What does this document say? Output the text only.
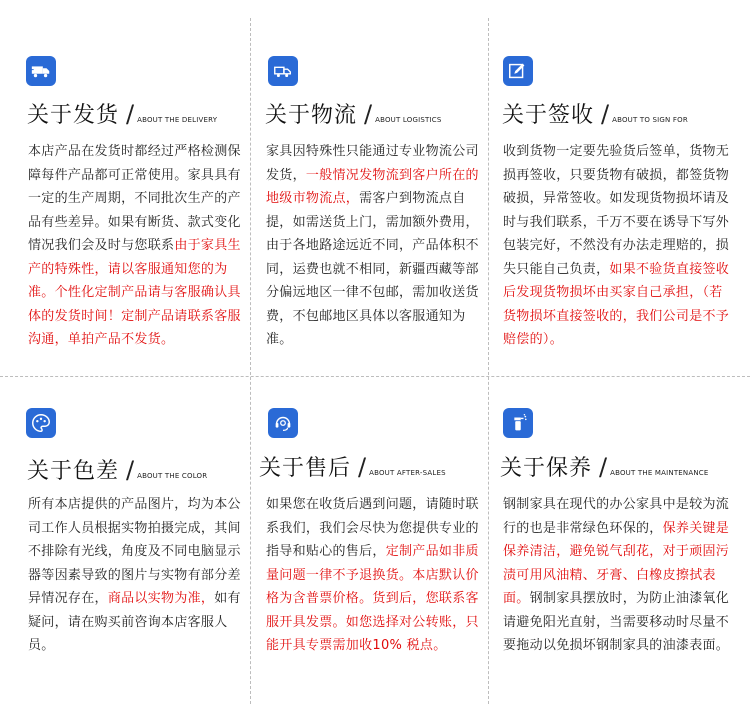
关于发货 / ABOUT THE DELIVERY
本店产品在发货时都经过严格检测保障每件产品都可正常使用。家具具有一定的生产周期，不同批次生产的产品有些差异。如果有断货、款式变化情况我们会及时与您联系由于家具生产的特殊性，请以客服通知您的为准。个性化定制产品请与客服确认具体的发货时间！定制产品请联系客服沟通，单拍产品不发货。
关于物流 / ABOUT LOGISTICS
家具因特殊性只能通过专业物流公司发货，一般情况发物流到客户所在的地级市物流点，需客户到物流点自提，如需送货上门，需加额外费用，由于各地路途远近不同，产品体积不同，运费也就不相同，新疆西藏等部分偏远地区一律不包邮，需加收送货费，不包邮地区具体以客服通知为准。
关于签收 / ABOUT TO SIGN FOR
收到货物一定要先验货后签单，货物无损再签收，只要货物有破损，都签货物破损，异常签收。如发现货物损坏请及时与我们联系，千万不要在诱导下写外包装完好，不然没有办法走理赔的，损失只能自己负责，如果不验货直接签收后发现货物损坏由买家自己承担，（若货物损坏直接签收的，我们公司是不予赔偿的）。
关于色差 / ABOUT THE COLOR
所有本店提供的产品图片，均为本公司工作人员根据实物拍摄完成，其间不排除有光线，角度及不同电脑显示器等因素导致的图片与实物有部分差异情况存在，商品以实物为准，如有疑问，请在购买前咨询本店客服人员。
关于售后 / ABOUT AFTER-SALES
如果您在收货后遇到问题，请随时联系我们，我们会尽快为您提供专业的指导和贴心的售后，定制产品如非质量问题一律不予退换货。本店默认价格为含普票价格。货到后，您联系客服开具发票。如您选择对公转账，只能开具专票需加收10% 税点。
关于保养 / ABOUT THE MAINTENANCE
钢制家具在现代的办公家具中是较为流行的也是非常绿色环保的，保养关键是保养清洁，避免锐气刮花，对于顽固污渍可用风油精、牙膏、白橡皮擦拭表面。钢制家具摆放时，为防止油漆氧化请避免阳光直射，当需要移动时尽量不要拖动以免损坏钢制家具的油漆表面。
